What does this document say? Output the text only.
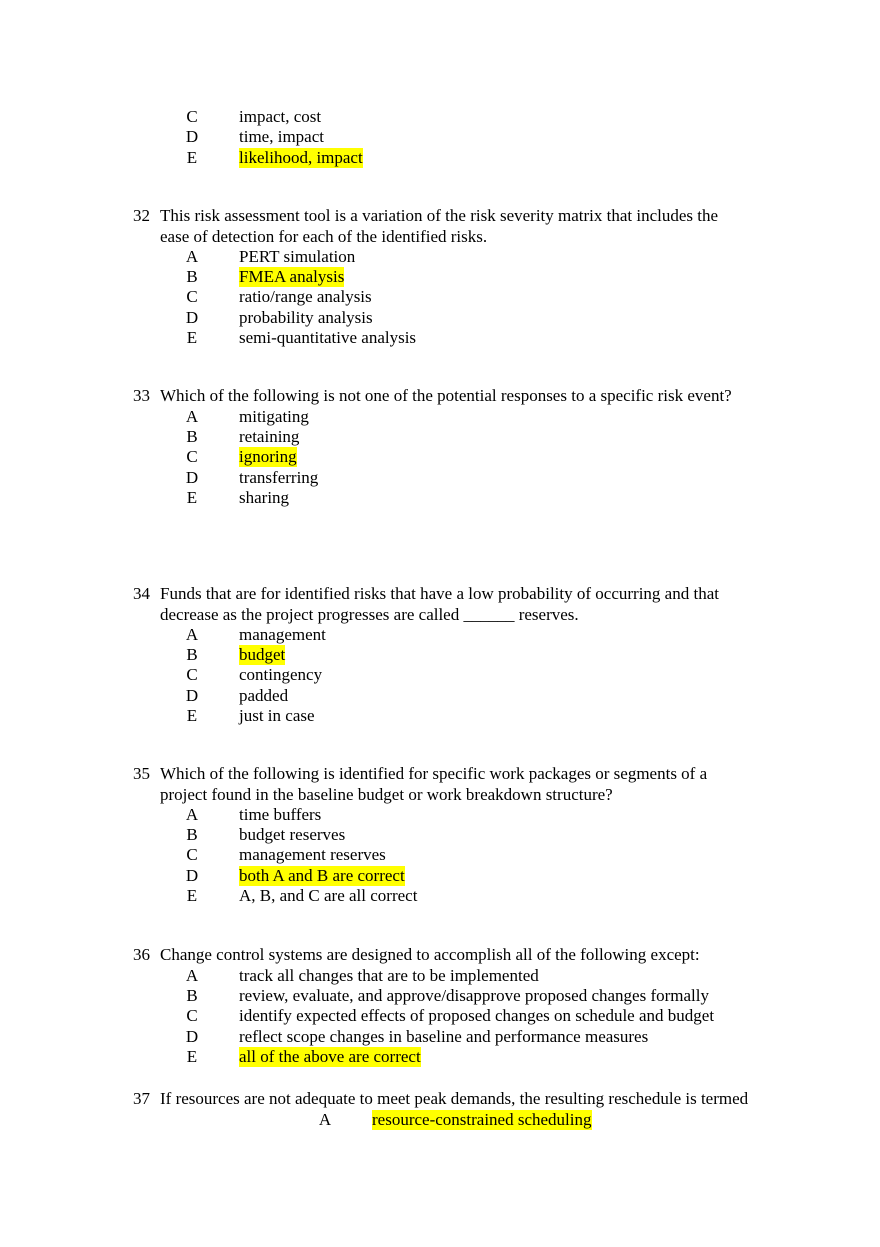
C impact, cost
D time, impact
E likelihood, impact
32 This risk assessment tool is a variation of the risk severity matrix that includes the
ease of detection for each of the identified risks.
A PERT simulation
B FMEA analysis
C ratio/range analysis
D probability analysis
E semi-quantitative analysis
33 Which of the following is not one of the potential responses to a specific risk event?
A mitigating
B retaining
C ignoring
D transferring
E sharing
34 Funds that are for identified risks that have a low probability of occurring and that
decrease as the project progresses are called ______ reserves.
A management
B budget
C contingency
D padded
E just in case
35 Which of the following is identified for specific work packages or segments of a
project found in the baseline budget or work breakdown structure?
A time buffers
B budget reserves
C management reserves
D both A and B are correct
E A, B, and C are all correct
36 Change control systems are designed to accomplish all of the following except:
A track all changes that are to be implemented
B review, evaluate, and approve/disapprove proposed changes formally
C identify expected effects of proposed changes on schedule and budget
D reflect scope changes in baseline and performance measures
E all of the above are correct
37 If resources are not adequate to meet peak demands, the resulting reschedule is termed
A resource-constrained scheduling
